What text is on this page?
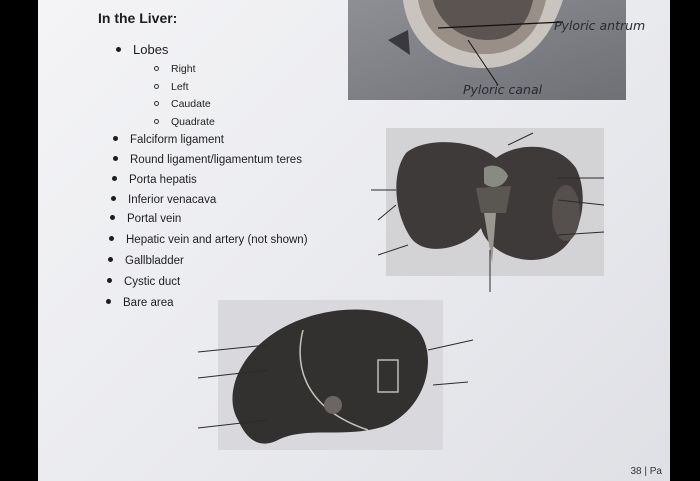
Pyloric antrum
Pyloric canal
In the Liver:
Lobes
Right
Left
Caudate
Quadrate
Falciform ligament
Round ligament/ligamentum teres
Porta hepatis
Inferior venacava
Portal vein
Hepatic vein and artery (not shown)
Gallbladder
Cystic duct
Bare area
38 | Pa
